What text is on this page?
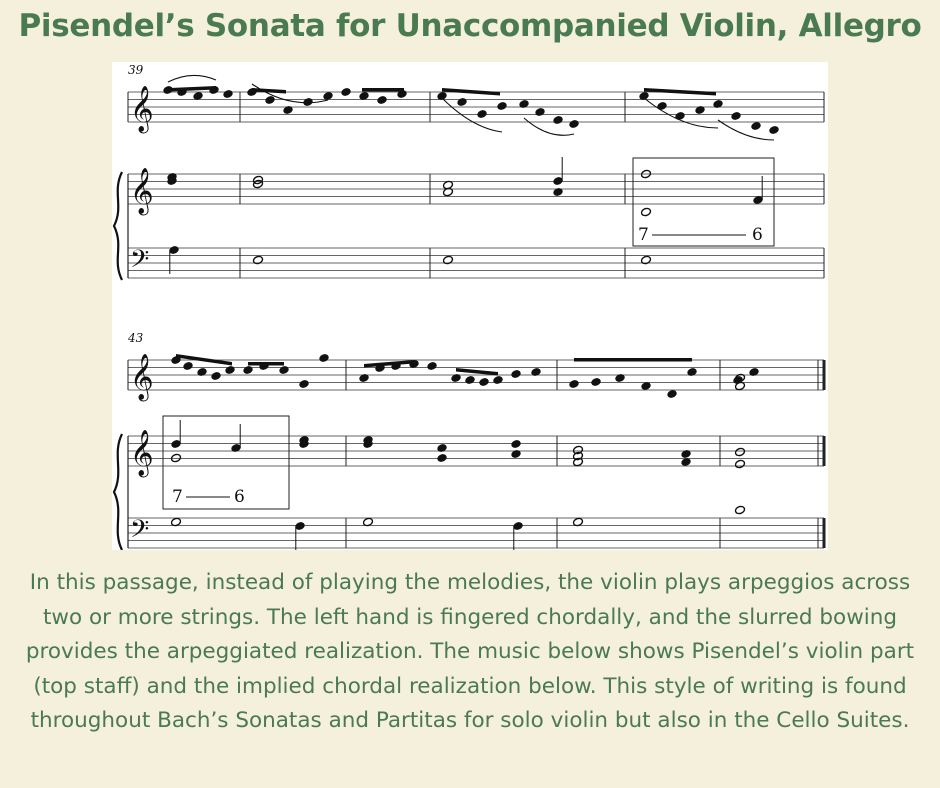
Pisendel’s Sonata for Unaccompanied Violin, Allegro
𝄞
𝄞
𝄢
𝄞
𝄞
𝄢
39
43
7	6
7	6
In this passage, instead of playing the melodies, the violin plays arpeggios across two or more strings. The left hand is fingered chordally, and the slurred bowing provides the arpeggiated realization. The music below shows Pisendel’s violin part (top staff) and the implied chordal realization below. This style of writing is found throughout Bach’s Sonatas and Partitas for solo violin but also in the Cello Suites.
